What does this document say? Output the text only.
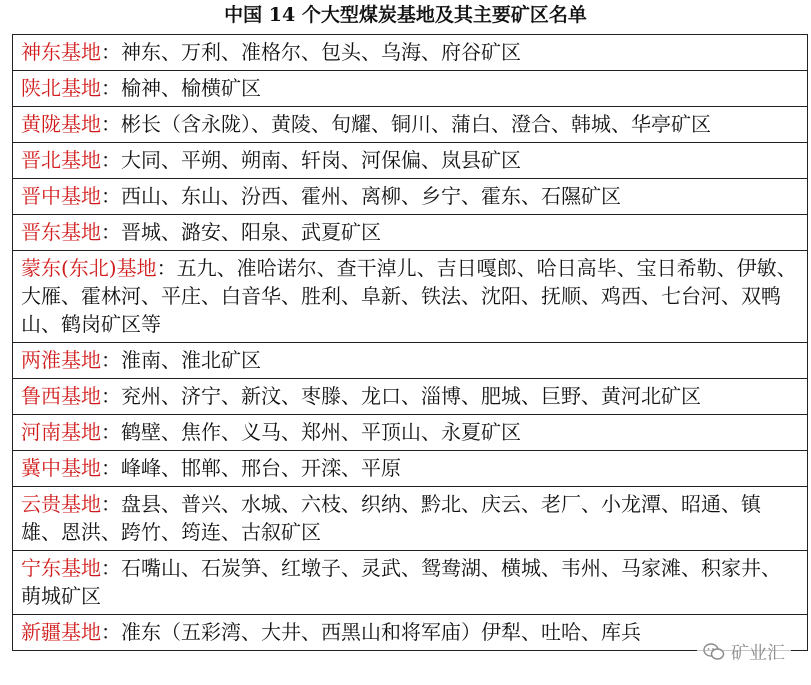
中国 14 个大型煤炭基地及其主要矿区名单
神东基地：神东、万利、准格尔、包头、乌海、府谷矿区
陕北基地：榆神、榆横矿区
黄陇基地：彬长（含永陇）、黄陵、旬耀、铜川、蒲白、澄合、韩城、华亭矿区
晋北基地：大同、平朔、朔南、轩岗、河保偏、岚县矿区
晋中基地：西山、东山、汾西、霍州、离柳、乡宁、霍东、石隰矿区
晋东基地：晋城、潞安、阳泉、武夏矿区
蒙东(东北)基地：五九、准哈诺尔、查干淖儿、吉日嘎郎、哈日高毕、宝日希勒、伊敏、大雁、霍林河、平庄、白音华、胜利、阜新、铁法、沈阳、抚顺、鸡西、七台河、双鸭山、鹤岗矿区等
两淮基地：淮南、淮北矿区
鲁西基地：兖州、济宁、新汶、枣滕、龙口、淄博、肥城、巨野、黄河北矿区
河南基地：鹤壁、焦作、义马、郑州、平顶山、永夏矿区
冀中基地：峰峰、邯郸、邢台、开滦、平原
云贵基地：盘县、普兴、水城、六枝、织纳、黔北、庆云、老厂、小龙潭、昭通、镇雄、恩洪、跨竹、筠连、古叙矿区
宁东基地：石嘴山、石炭笋、红墩子、灵武、鸳鸯湖、横城、韦州、马家滩、积家井、萌城矿区
新疆基地：准东（五彩湾、大井、西黑山和将军庙）伊犁、吐哈、库兵
矿业汇
